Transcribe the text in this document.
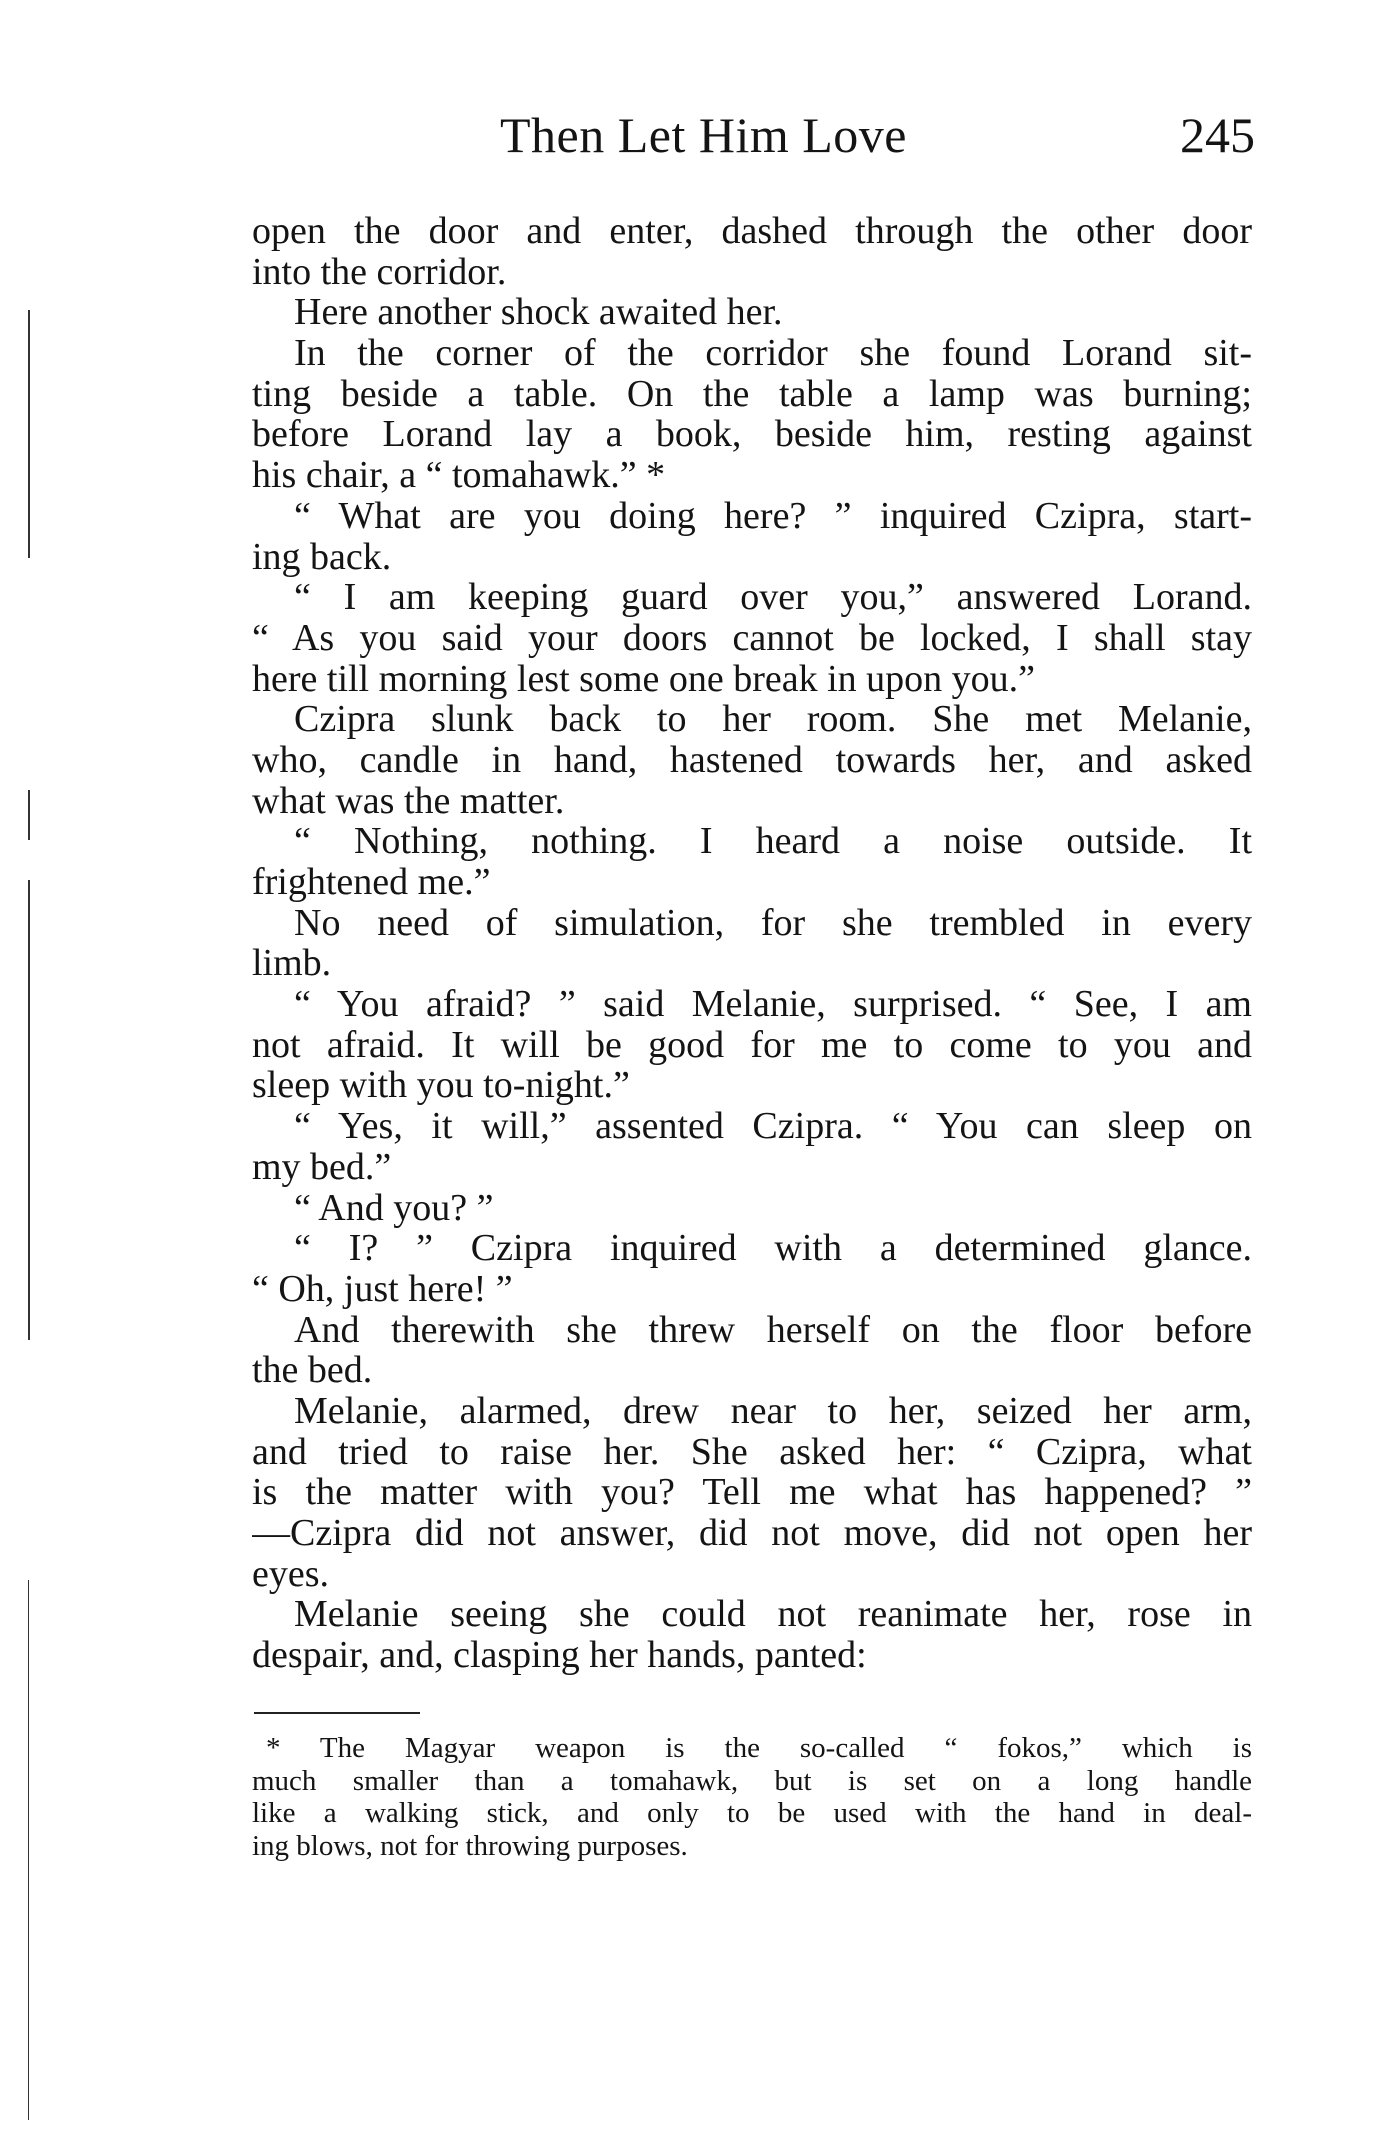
Then Let Him Love	245
open the door and enter, dashed through the other door
into the corridor.
Here another shock awaited her.
In the corner of the corridor she found Lorand sit-
ting beside a table. On the table a lamp was burning;
before Lorand lay a book, beside him, resting against
his chair, a “ tomahawk.” *
“ What are you doing here? ” inquired Czipra, start-
ing back.
“ I am keeping guard over you,” answered Lorand.
“ As you said your doors cannot be locked, I shall stay
here till morning lest some one break in upon you.”
Czipra slunk back to her room. She met Melanie,
who, candle in hand, hastened towards her, and asked
what was the matter.
“ Nothing, nothing. I heard a noise outside. It
frightened me.”
No need of simulation, for she trembled in every
limb.
“ You afraid? ” said Melanie, surprised. “ See, I am
not afraid. It will be good for me to come to you and
sleep with you to-night.”
“ Yes, it will,” assented Czipra. “ You can sleep on
my bed.”
“ And you? ”
“ I? ” Czipra inquired with a determined glance.
“ Oh, just here! ”
And therewith she threw herself on the floor before
the bed.
Melanie, alarmed, drew near to her, seized her arm,
and tried to raise her. She asked her: “ Czipra, what
is the matter with you? Tell me what has happened? ”
—Czipra did not answer, did not move, did not open her
eyes.
Melanie seeing she could not reanimate her, rose in
despair, and, clasping her hands, panted:
* The Magyar weapon is the so-called “ fokos,” which is
much smaller than a tomahawk, but is set on a long handle
like a walking stick, and only to be used with the hand in deal-
ing blows, not for throwing purposes.
